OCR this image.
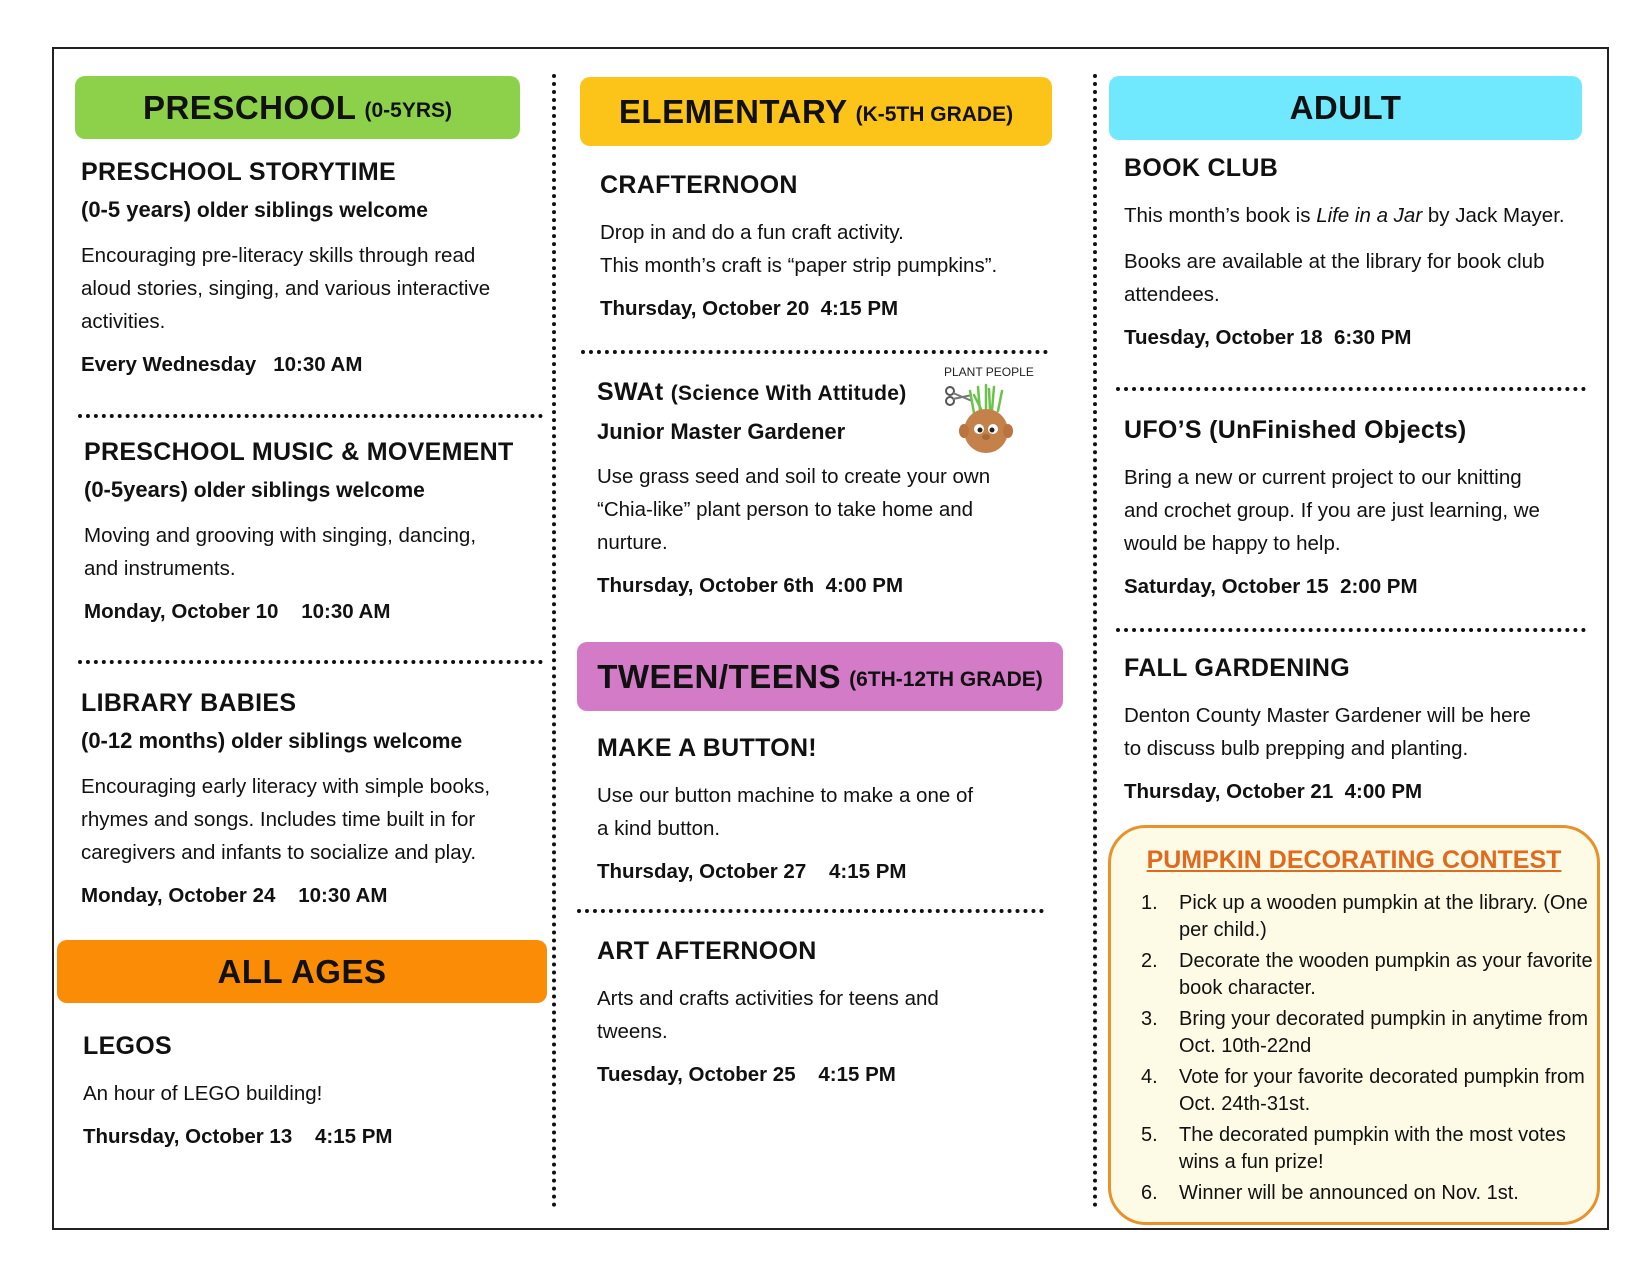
PRESCHOOL (0-5YRS)

PRESCHOOL STORYTIME

(0-5 years) older siblings welcome

Encouraging pre-literacy skills through read

aloud stories, singing, and various interactive

activities.

Every Wednesday   10:30 AM

PRESCHOOL MUSIC & MOVEMENT

(0-5years) older siblings welcome

Moving and grooving with singing, dancing,

and instruments.

Monday, October 10    10:30 AM

LIBRARY BABIES

(0-12 months) older siblings welcome

Encouraging early literacy with simple books,

rhymes and songs. Includes time built in for

caregivers and infants to socialize and play.

Monday, October 24    10:30 AM

ALL AGES

LEGOS

An hour of LEGO building!

Thursday, October 13    4:15 PM

ELEMENTARY (K-5TH GRADE)

CRAFTERNOON

Drop in and do a fun craft activity.

This month’s craft is “paper strip pumpkins”.

Thursday, October 20  4:15 PM

SWAt (Science With Attitude)

Junior Master Gardener

Use grass seed and soil to create your own

“Chia-like” plant person to take home and

nurture.

Thursday, October 6th  4:00 PM

PLANT PEOPLE
TWEEN/TEENS (6TH-12TH GRADE)

MAKE A BUTTON!

Use our button machine to make a one of

a kind button.

Thursday, October 27    4:15 PM

ART AFTERNOON

Arts and crafts activities for teens and

tweens.

Tuesday, October 25    4:15 PM

ADULT

BOOK CLUB

This month’s book is Life in a Jar by Jack Mayer.

Books are available at the library for book club

attendees.

Tuesday, October 18  6:30 PM

UFO’S (UnFinished Objects)

Bring a new or current project to our knitting

and crochet group. If you are just learning, we

would be happy to help.

Saturday, October 15  2:00 PM

FALL GARDENING

Denton County Master Gardener will be here

to discuss bulb prepping and planting.

Thursday, October 21  4:00 PM

PUMPKIN DECORATING CONTEST
1.	Pick up a wooden pumpkin at the library. (One per child.)
2.	Decorate the wooden pumpkin as your favorite book character.
3.	Bring your decorated pumpkin in anytime from Oct. 10th-22nd
4.	Vote for your favorite decorated pumpkin from Oct. 24th-31st.
5.	The decorated pumpkin with the most votes wins a fun prize!
6.	Winner will be announced on Nov. 1st.
